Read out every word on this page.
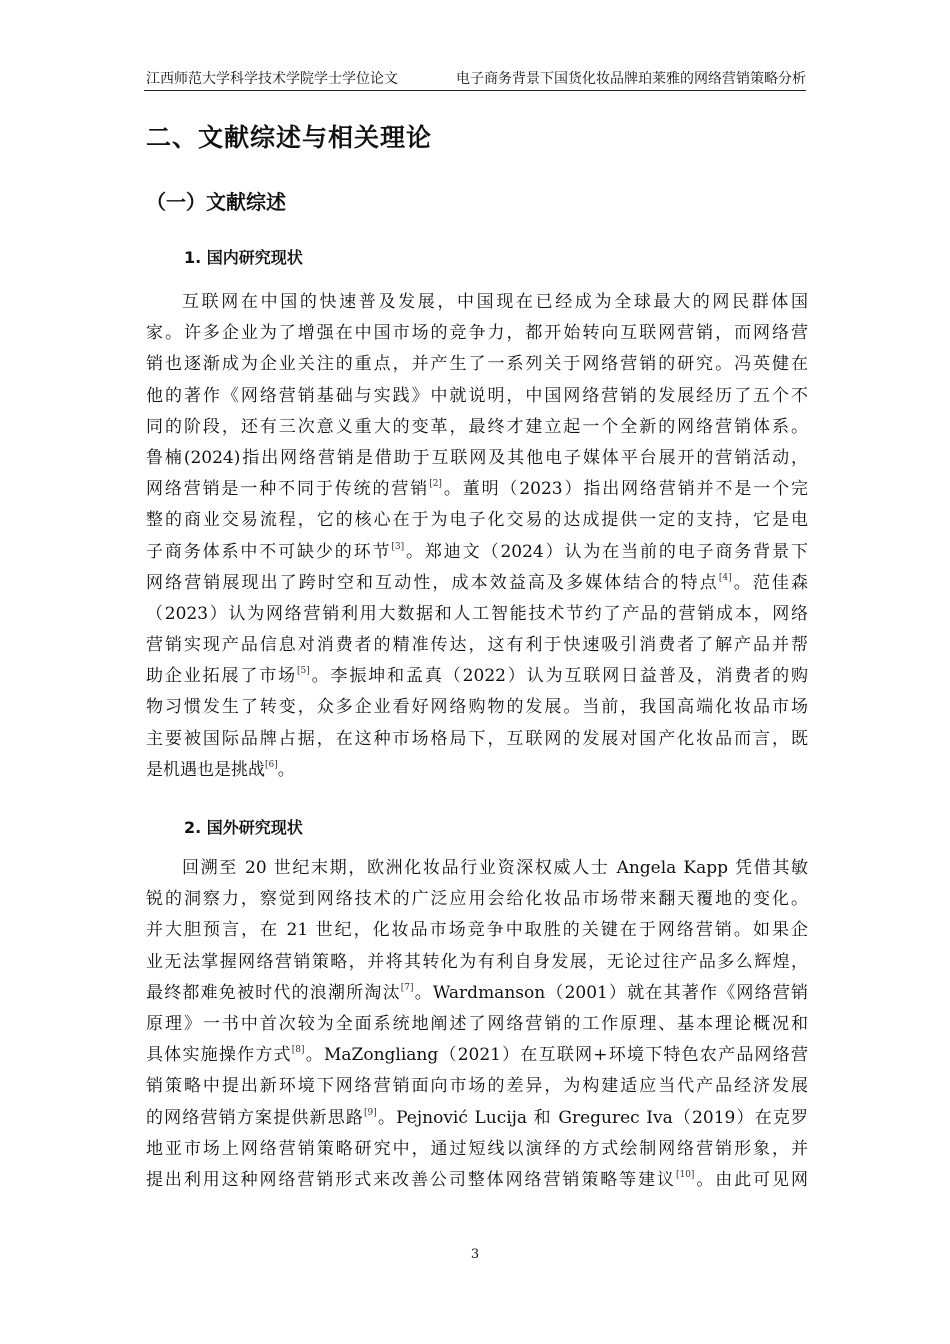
江西师范大学科学技术学院学士学位论文	电子商务背景下国货化妆品牌珀莱雅的网络营销策略分析
二、文献综述与相关理论
（一）文献综述
1. 国内研究现状
互联网在中国的快速普及发展，中国现在已经成为全球最大的网民群体国
家。许多企业为了增强在中国市场的竞争力，都开始转向互联网营销，而网络营
销也逐渐成为企业关注的重点，并产生了一系列关于网络营销的研究。冯英健在
他的著作《网络营销基础与实践》中就说明，中国网络营销的发展经历了五个不
同的阶段，还有三次意义重大的变革，最终才建立起一个全新的网络营销体系。
鲁楠(2024)指出网络营销是借助于互联网及其他电子媒体平台展开的营销活动，
网络营销是一种不同于传统的营销[2]。董明（2023）指出网络营销并不是一个完
整的商业交易流程，它的核心在于为电子化交易的达成提供一定的支持，它是电
子商务体系中不可缺少的环节[3]。郑迪文（2024）认为在当前的电子商务背景下
网络营销展现出了跨时空和互动性，成本效益高及多媒体结合的特点[4]。范佳森
（2023）认为网络营销利用大数据和人工智能技术节约了产品的营销成本，网络
营销实现产品信息对消费者的精准传达，这有利于快速吸引消费者了解产品并帮
助企业拓展了市场[5]。李振坤和孟真（2022）认为互联网日益普及，消费者的购
物习惯发生了转变，众多企业看好网络购物的发展。当前，我国高端化妆品市场
主要被国际品牌占据，在这种市场格局下，互联网的发展对国产化妆品而言，既
是机遇也是挑战[6]。
2. 国外研究现状
回溯至 20 世纪末期，欧洲化妆品行业资深权威人士 Angela Kapp 凭借其敏
锐的洞察力，察觉到网络技术的广泛应用会给化妆品市场带来翻天覆地的变化。
并大胆预言，在 21 世纪，化妆品市场竞争中取胜的关键在于网络营销。如果企
业无法掌握网络营销策略，并将其转化为有利自身发展，无论过往产品多么辉煌，
最终都难免被时代的浪潮所淘汰[7]。Wardmanson（2001）就在其著作《网络营销
原理》一书中首次较为全面系统地阐述了网络营销的工作原理、基本理论概况和
具体实施操作方式[8]。MaZongliang（2021）在互联网+环境下特色农产品网络营
销策略中提出新环境下网络营销面向市场的差异，为构建适应当代产品经济发展
的网络营销方案提供新思路[9]。Pejnović Lucija 和 Gregurec Iva（2019）在克罗
地亚市场上网络营销策略研究中，通过短线以演绎的方式绘制网络营销形象，并
提出利用这种网络营销形式来改善公司整体网络营销策略等建议[10]。由此可见网
3
